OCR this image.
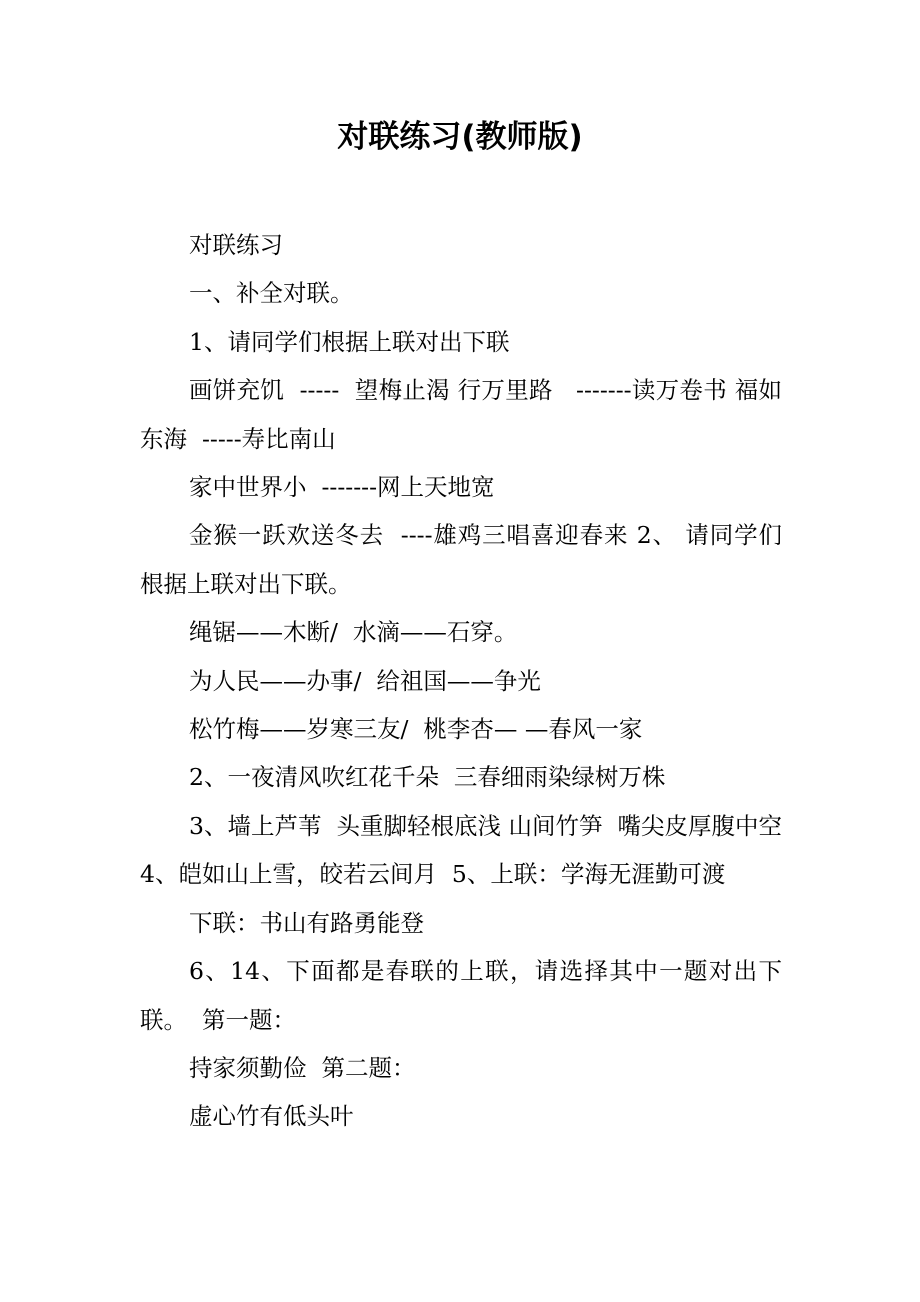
对联练习(教师版)

对联练习

一、补全对联。

1、请同学们根据上联对出下联

画饼充饥  -----  望梅止渴 行万里路   -------读万卷书 福如东海  -----寿比南山

家中世界小  -------网上天地宽

金猴一跃欢送冬去  ----雄鸡三唱喜迎春来 2、 请同学们根据上联对出下联。

绳锯——木断/  水滴——石穿。

为人民——办事/  给祖国——争光

松竹梅——岁寒三友/  桃李杏— —春风一家

2、一夜清风吹红花千朵  三春细雨染绿树万株

3、墙上芦苇  头重脚轻根底浅 山间竹笋  嘴尖皮厚腹中空4、皑如山上雪，皎若云间月  5、上联：学海无涯勤可渡

下联：书山有路勇能登

6、14、下面都是春联的上联，请选择其中一题对出下联。  第一题：

持家须勤俭  第二题：

虚心竹有低头叶
